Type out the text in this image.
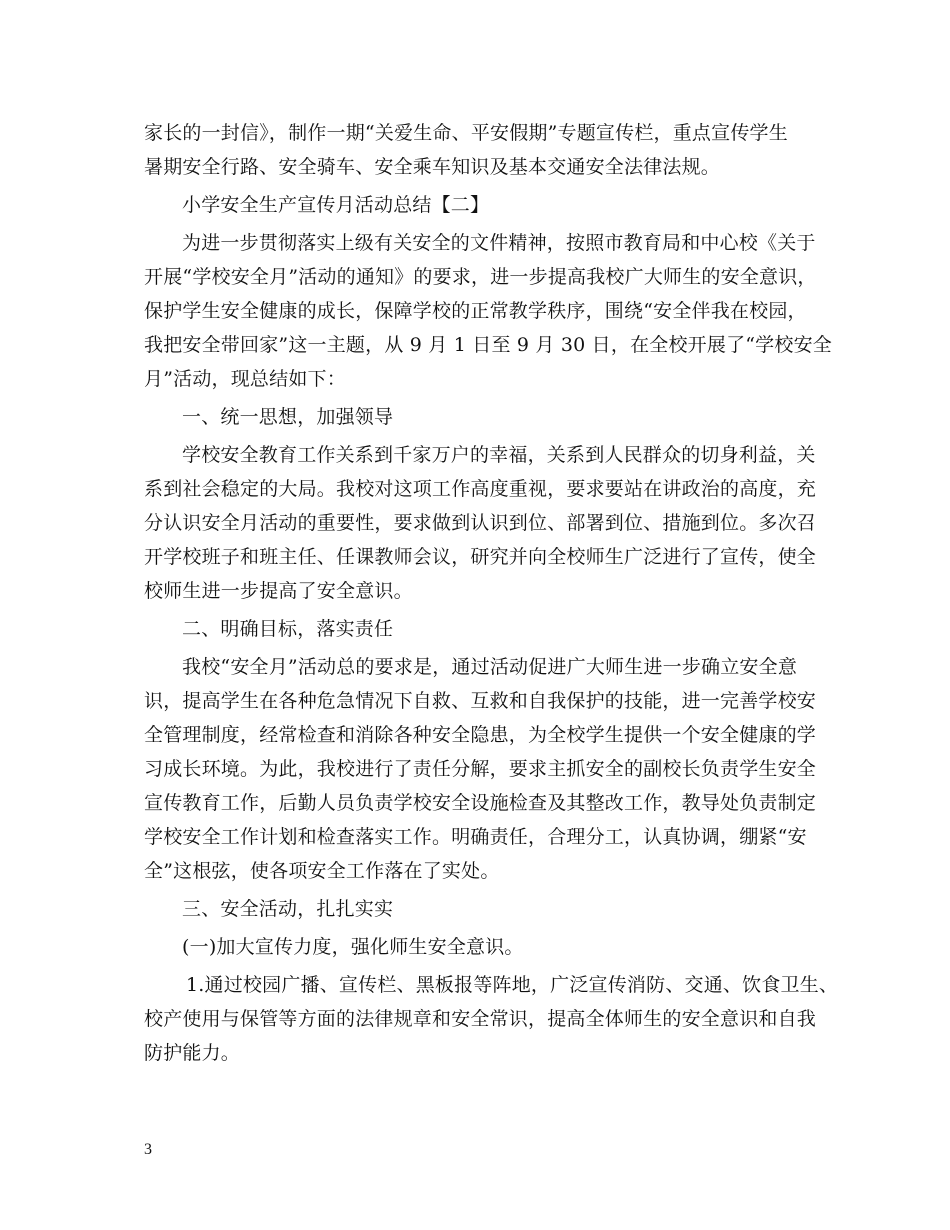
家长的一封信》，制作一期“关爱生命、平安假期”专题宣传栏，重点宣传学生
暑期安全行路、安全骑车、安全乘车知识及基本交通安全法律法规。
小学安全生产宣传月活动总结【二】
为进一步贯彻落实上级有关安全的文件精神，按照市教育局和中心校《关于
开展“学校安全月”活动的通知》的要求，进一步提高我校广大师生的安全意识，
保护学生安全健康的成长，保障学校的正常教学秩序，围绕“安全伴我在校园，
我把安全带回家”这一主题，从 9 月 1 日至 9 月 30 日，在全校开展了“学校安全
月”活动，现总结如下：
一、统一思想，加强领导
学校安全教育工作关系到千家万户的幸福，关系到人民群众的切身利益，关
系到社会稳定的大局。我校对这项工作高度重视，要求要站在讲政治的高度，充
分认识安全月活动的重要性，要求做到认识到位、部署到位、措施到位。多次召
开学校班子和班主任、任课教师会议，研究并向全校师生广泛进行了宣传，使全
校师生进一步提高了安全意识。
二、明确目标，落实责任
我校“安全月”活动总的要求是，通过活动促进广大师生进一步确立安全意
识，提高学生在各种危急情况下自救、互救和自我保护的技能，进一完善学校安
全管理制度，经常检查和消除各种安全隐患，为全校学生提供一个安全健康的学
习成长环境。为此，我校进行了责任分解，要求主抓安全的副校长负责学生安全
宣传教育工作，后勤人员负责学校安全设施检查及其整改工作，教导处负责制定
学校安全工作计划和检查落实工作。明确责任，合理分工，认真协调，绷紧“安
全”这根弦，使各项安全工作落在了实处。
三、安全活动，扎扎实实
(一)加大宣传力度，强化师生安全意识。
1.通过校园广播、宣传栏、黑板报等阵地，广泛宣传消防、交通、饮食卫生、
校产使用与保管等方面的法律规章和安全常识，提高全体师生的安全意识和自我
防护能力。
3
